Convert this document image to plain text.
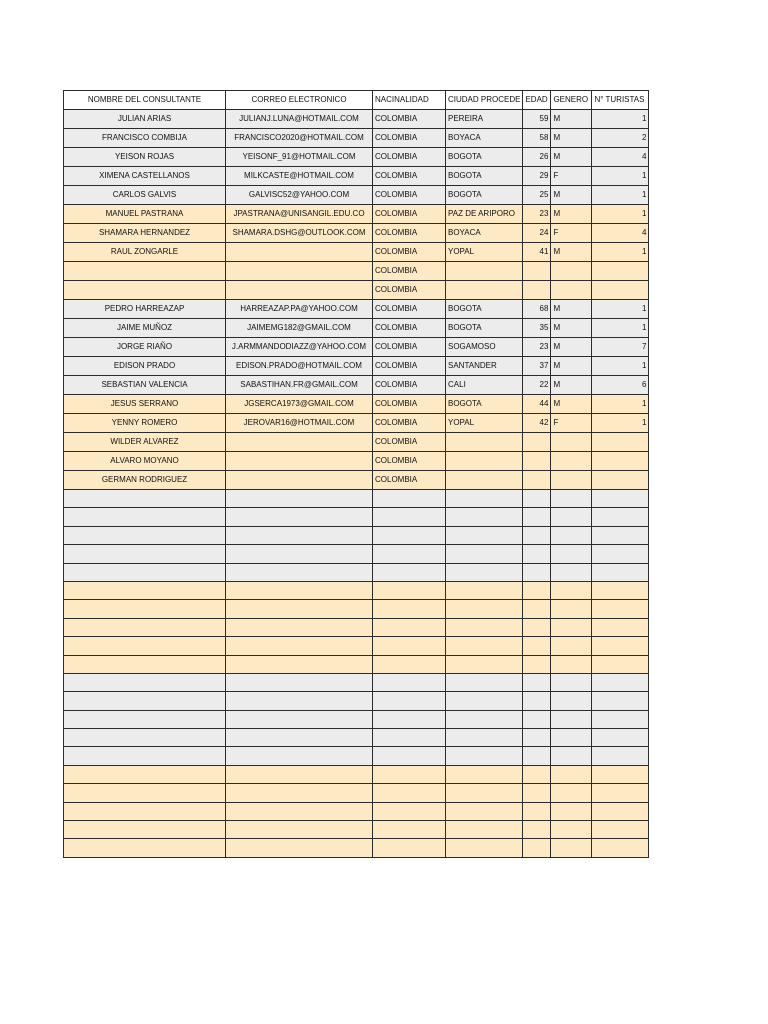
NOMBRE DEL CONSULTANTE	CORREO ELECTRONICO	NACINALIDAD	CIUDAD PROCEDE	EDAD	GENERO	N° TURISTAS
JULIAN ARIAS	JULIANJ.LUNA@HOTMAIL.COM	COLOMBIA	PEREIRA	59	M	1
FRANCISCO COMBIJA	FRANCISCO2020@HOTMAIL.COM	COLOMBIA	BOYACA	58	M	2
YEISON ROJAS	YEISONF_91@HOTMAIL.COM	COLOMBIA	BOGOTA	26	M	4
XIMENA CASTELLANOS	MILKCASTE@HOTMAIL.COM	COLOMBIA	BOGOTA	29	F	1
CARLOS GALVIS	GALVISC52@YAHOO.COM	COLOMBIA	BOGOTA	25	M	1
MANUEL PASTRANA	JPASTRANA@UNISANGIL.EDU.CO	COLOMBIA	PAZ DE ARIPORO	23	M	1
SHAMARA HERNANDEZ	SHAMARA.DSHG@OUTLOOK.COM	COLOMBIA	BOYACA	24	F	4
RAUL ZONGARLE		COLOMBIA	YOPAL	41	M	1
		COLOMBIA				
		COLOMBIA				
PEDRO HARREAZAP	HARREAZAP.PA@YAHOO.COM	COLOMBIA	BOGOTA	68	M	1
JAIME MUÑOZ	JAIMEMG182@GMAIL.COM	COLOMBIA	BOGOTA	35	M	1
JORGE RIAÑO	J.ARMMANDODIAZZ@YAHOO.COM	COLOMBIA	SOGAMOSO	23	M	7
EDISON PRADO	EDISON.PRADO@HOTMAIL.COM	COLOMBIA	SANTANDER	37	M	1
SEBASTIAN VALENCIA	SABASTIHAN.FR@GMAIL.COM	COLOMBIA	CALI	22	M	6
JESUS SERRANO	JGSERCA1973@GMAIL.COM	COLOMBIA	BOGOTA	44	M	1
YENNY ROMERO	JEROVAR16@HOTMAIL.COM	COLOMBIA	YOPAL	42	F	1
WILDER ALVAREZ		COLOMBIA				
ALVARO MOYANO		COLOMBIA				
GERMAN RODRIGUEZ		COLOMBIA				
